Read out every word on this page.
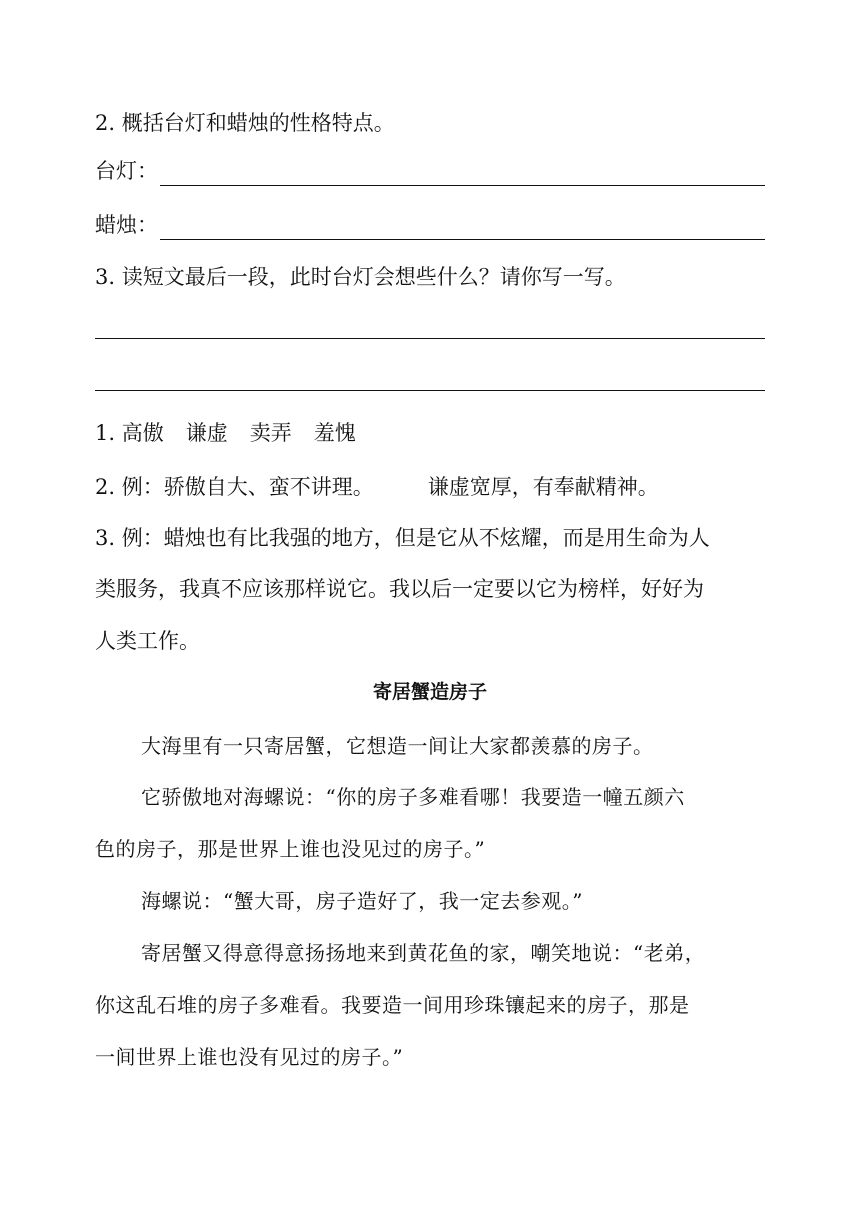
2. 概括台灯和蜡烛的性格特点。
台灯：
蜡烛：
3. 读短文最后一段，此时台灯会想些什么？请你写一写。
1. 高傲 谦虚 卖弄 羞愧
2. 例：骄傲自大、蛮不讲理。	谦虚宽厚，有奉献精神。
3. 例：蜡烛也有比我强的地方，但是它从不炫耀，而是用生命为人
类服务，我真不应该那样说它。我以后一定要以它为榜样，好好为
人类工作。
寄居蟹造房子
大海里有一只寄居蟹，它想造一间让大家都羡慕的房子。
它骄傲地对海螺说：“你的房子多难看哪！我要造一幢五颜六
色的房子，那是世界上谁也没见过的房子。”
海螺说：“蟹大哥，房子造好了，我一定去参观。”
寄居蟹又得意得意扬扬地来到黄花鱼的家，嘲笑地说：“老弟，
你这乱石堆的房子多难看。我要造一间用珍珠镶起来的房子，那是
一间世界上谁也没有见过的房子。”
